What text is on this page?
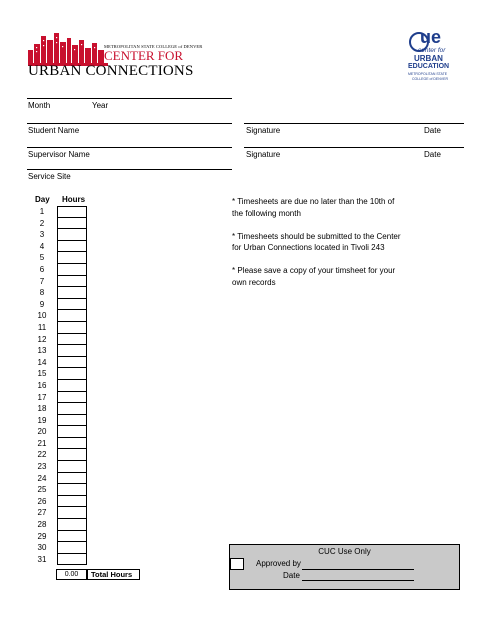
METROPOLITAN STATE COLLEGE of DENVER
CENTER FOR
URBAN CONNECTIONS
ue
center for
URBAN
EDUCATION
METROPOLITAN STATE
COLLEGE of DENVER
Month	Year
Student Name	Signature	Date
Supervisor Name	Signature	Date
Service Site
Day Hours
1
2
3
4
5
6
7
8
9
10
11
12
13
14
15
16
17
18
19
20
21
22
23
24
25
26
27
28
29
30
31
0.00	Total Hours

* Timesheets are due no later than the 10th of the following month

* Timesheets should be submitted to the Center for Urban Connections located in Tivoli 243

* Please save a copy of your timsheet for your own records

CUC Use Only
Approved by
Date
